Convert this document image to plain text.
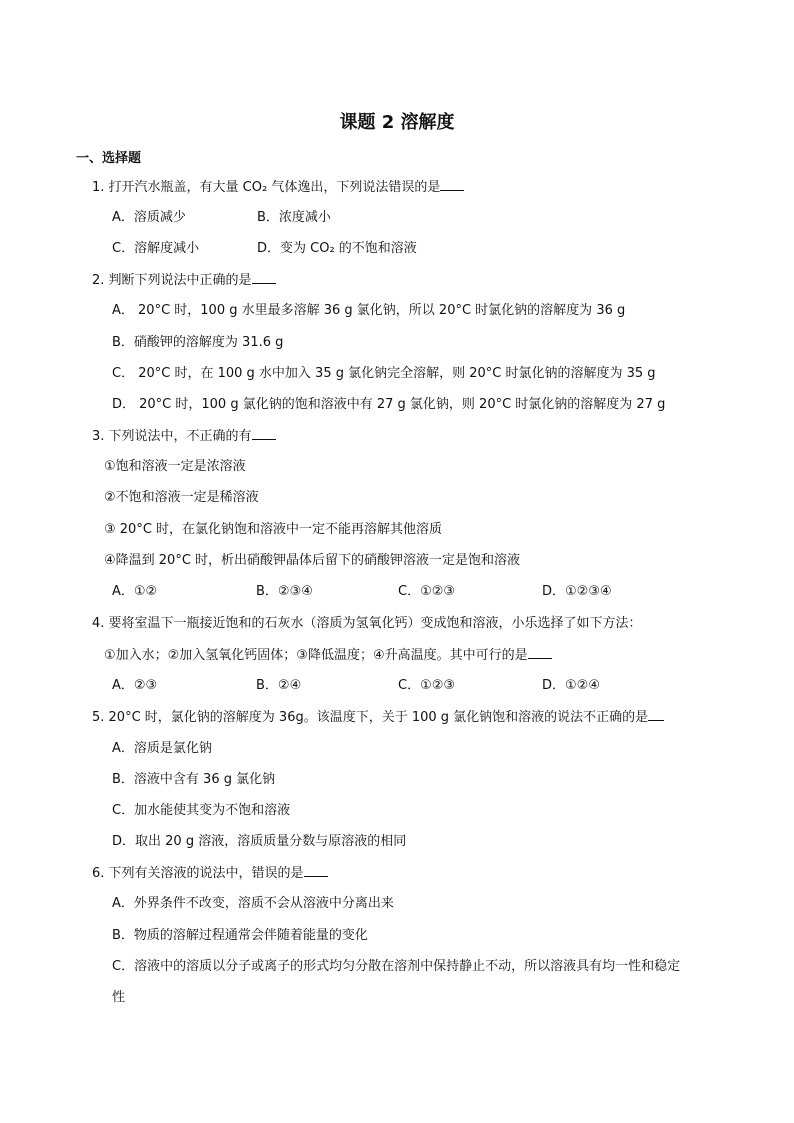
课题 2 溶解度
一、选择题
1. 打开汽水瓶盖，有大量 CO₂ 气体逸出，下列说法错误的是
A．溶质减少	B．浓度减小
C．溶解度减小	D．变为 CO₂ 的不饱和溶液
2. 判断下列说法中正确的是
A． 20°C 时，100 g 水里最多溶解 36 g 氯化钠，所以 20°C 时氯化钠的溶解度为 36 g
B．硝酸钾的溶解度为 31.6 g
C． 20°C 时，在 100 g 水中加入 35 g 氯化钠完全溶解，则 20°C 时氯化钠的溶解度为 35 g
D． 20°C 时，100 g 氯化钠的饱和溶液中有 27 g 氯化钠，则 20°C 时氯化钠的溶解度为 27 g
3. 下列说法中，不正确的有
①饱和溶液一定是浓溶液
②不饱和溶液一定是稀溶液
③ 20°C 时，在氯化钠饱和溶液中一定不能再溶解其他溶质
④降温到 20°C 时，析出硝酸钾晶体后留下的硝酸钾溶液一定是饱和溶液
A．①②	B．②③④	C．①②③	D．①②③④
4. 要将室温下一瓶接近饱和的石灰水（溶质为氢氧化钙）变成饱和溶液，小乐选择了如下方法：
①加入水；②加入氢氧化钙固体；③降低温度；④升高温度。其中可行的是
A．②③	B．②④	C．①②③	D．①②④
5. 20°C 时，氯化钠的溶解度为 36g。该温度下，关于 100 g 氯化钠饱和溶液的说法不正确的是
A．溶质是氯化钠
B．溶液中含有 36 g 氯化钠
C．加水能使其变为不饱和溶液
D．取出 20 g 溶液，溶质质量分数与原溶液的相同
6. 下列有关溶液的说法中，错误的是
A．外界条件不改变，溶质不会从溶液中分离出来
B．物质的溶解过程通常会伴随着能量的变化
C．溶液中的溶质以分子或离子的形式均匀分散在溶剂中保持静止不动，所以溶液具有均一性和稳定
性
